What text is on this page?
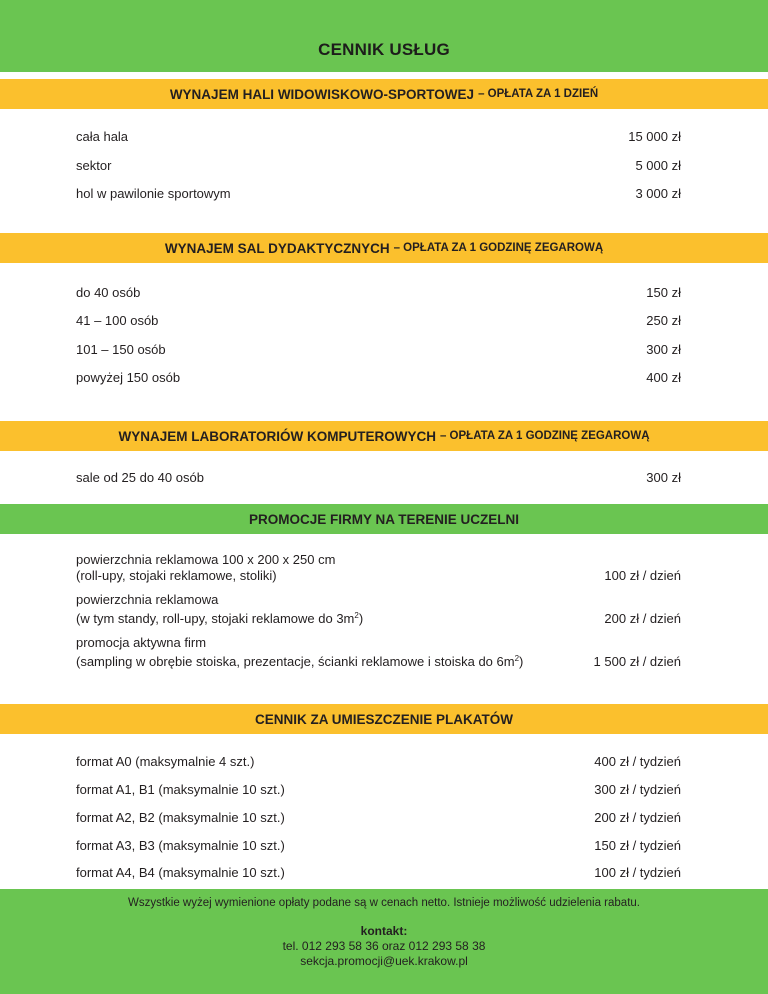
CENNIK USŁUG
WYNAJEM HALI WIDOWISKOWO-SPORTOWEJ – OPŁATA ZA 1 DZIEŃ
cała hala	15 000 zł
sektor	5 000 zł
hol w pawilonie sportowym	3 000 zł
WYNAJEM SAL DYDAKTYCZNYCH – OPŁATA ZA 1 GODZINĘ ZEGAROWĄ
do 40 osób	150 zł
41 – 100 osób	250 zł
101 – 150 osób	300 zł
powyżej 150 osób	400 zł
WYNAJEM LABORATORIÓW KOMPUTEROWYCH – OPŁATA ZA 1 GODZINĘ ZEGAROWĄ
sale od 25 do 40 osób	300 zł
PROMOCJE FIRMY NA TERENIE UCZELNI
powierzchnia reklamowa 100 x 200 x 250 cm
(roll-upy, stojaki reklamowe, stoliki)	100 zł / dzień
powierzchnia reklamowa
(w tym standy, roll-upy, stojaki reklamowe do $3m^2$)	200 zł / dzień
promocja aktywna firm
(sampling w obrębie stoiska, prezentacje, ścianki reklamowe i stoiska do $6m^2$)	1 500 zł / dzień
CENNIK ZA UMIESZCZENIE PLAKATÓW
format A0 (maksymalnie 4 szt.)	400 zł / tydzień
format A1, B1 (maksymalnie 10 szt.)	300 zł / tydzień
format A2, B2 (maksymalnie 10 szt.)	200 zł / tydzień
format A3, B3 (maksymalnie 10 szt.)	150 zł / tydzień
format A4, B4 (maksymalnie 10 szt.)	100 zł / tydzień
Wszystkie wyżej wymienione opłaty podane są w cenach netto. Istnieje możliwość udzielenia rabatu.
kontakt:
tel. 012 293 58 36 oraz 012 293 58 38
sekcja.promocji@uek.krakow.pl
